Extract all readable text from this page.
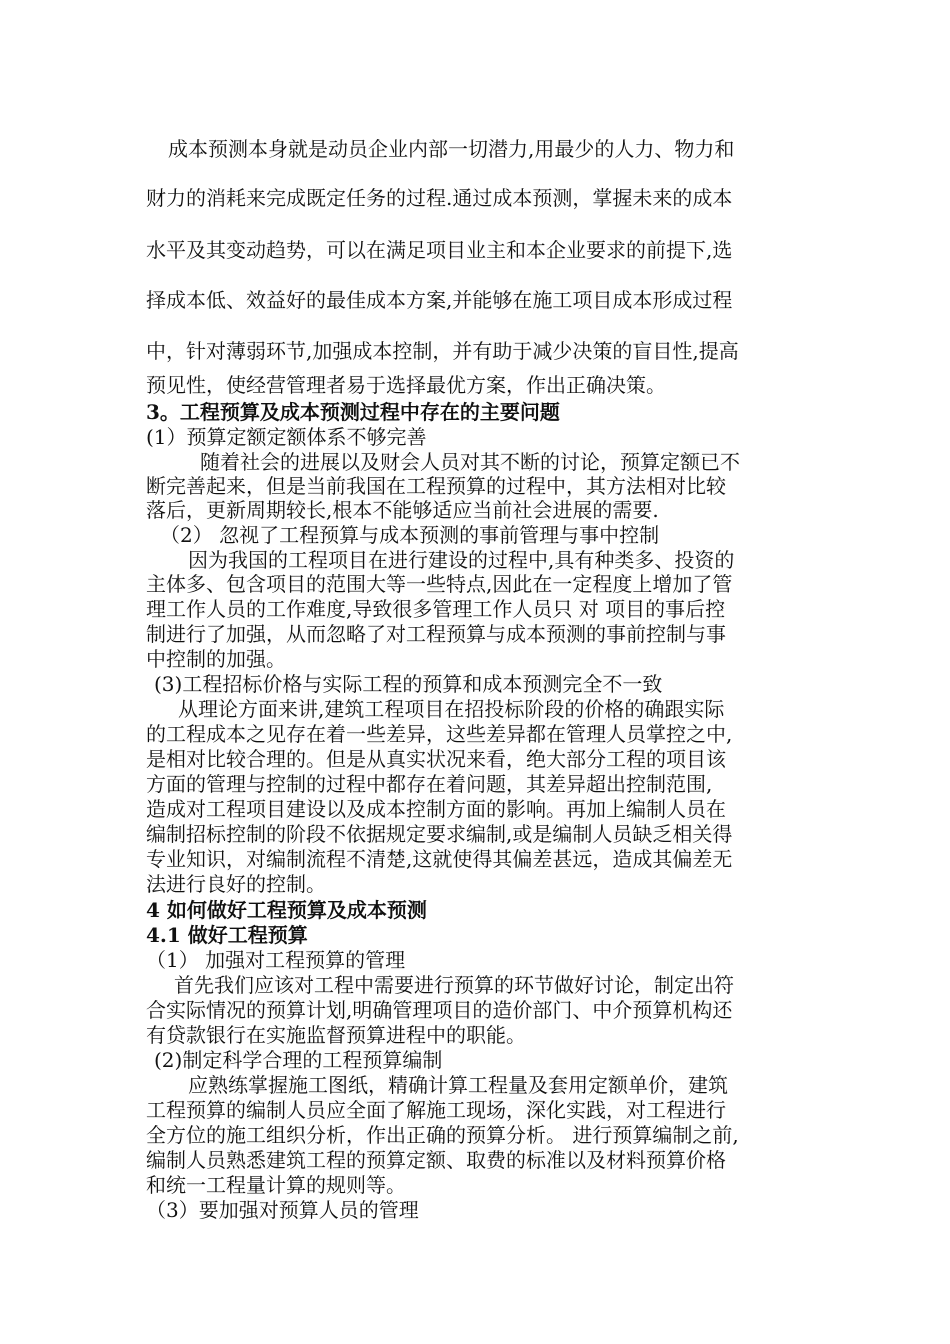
成本预测本身就是动员企业内部一切潜力,用最少的人力、物力和
财力的消耗来完成既定任务的过程.通过成本预测，掌握未来的成本
水平及其变动趋势，可以在满足项目业主和本企业要求的前提下,选
择成本低、效益好的最佳成本方案,并能够在施工项目成本形成过程
中，针对薄弱环节,加强成本控制，并有助于减少决策的盲目性,提高
预见性，使经营管理者易于选择最优方案，作出正确决策。
3。工程预算及成本预测过程中存在的主要问题
(1）预算定额定额体系不够完善
随着社会的进展以及财会人员对其不断的讨论，预算定额已不
断完善起来，但是当前我国在工程预算的过程中，其方法相对比较
落后，更新周期较长,根本不能够适应当前社会进展的需要.
（2） 忽视了工程预算与成本预测的事前管理与事中控制
因为我国的工程项目在进行建设的过程中,具有种类多、投资的
主体多、包含项目的范围大等一些特点,因此在一定程度上增加了管
理工作人员的工作难度,导致很多管理工作人员只 对 项目的事后控
制进行了加强，从而忽略了对工程预算与成本预测的事前控制与事
中控制的加强。
(3)工程招标价格与实际工程的预算和成本预测完全不一致
从理论方面来讲,建筑工程项目在招投标阶段的价格的确跟实际
的工程成本之见存在着一些差异，这些差异都在管理人员掌控之中,
是相对比较合理的。但是从真实状况来看，绝大部分工程的项目该
方面的管理与控制的过程中都存在着问题，其差异超出控制范围,
造成对工程项目建设以及成本控制方面的影响。再加上编制人员在
编制招标控制的阶段不依据规定要求编制,或是编制人员缺乏相关得
专业知识，对编制流程不清楚,这就使得其偏差甚远，造成其偏差无
法进行良好的控制。
4 如何做好工程预算及成本预测
4.1 做好工程预算
（1） 加强对工程预算的管理
首先我们应该对工程中需要进行预算的环节做好讨论，制定出符
合实际情况的预算计划,明确管理项目的造价部门、中介预算机构还
有贷款银行在实施监督预算进程中的职能。
(2)制定科学合理的工程预算编制
应熟练掌握施工图纸，精确计算工程量及套用定额单价，建筑
工程预算的编制人员应全面了解施工现场，深化实践，对工程进行
全方位的施工组织分析，作出正确的预算分析。 进行预算编制之前,
编制人员熟悉建筑工程的预算定额、取费的标准以及材料预算价格
和统一工程量计算的规则等。
（3）要加强对预算人员的管理
